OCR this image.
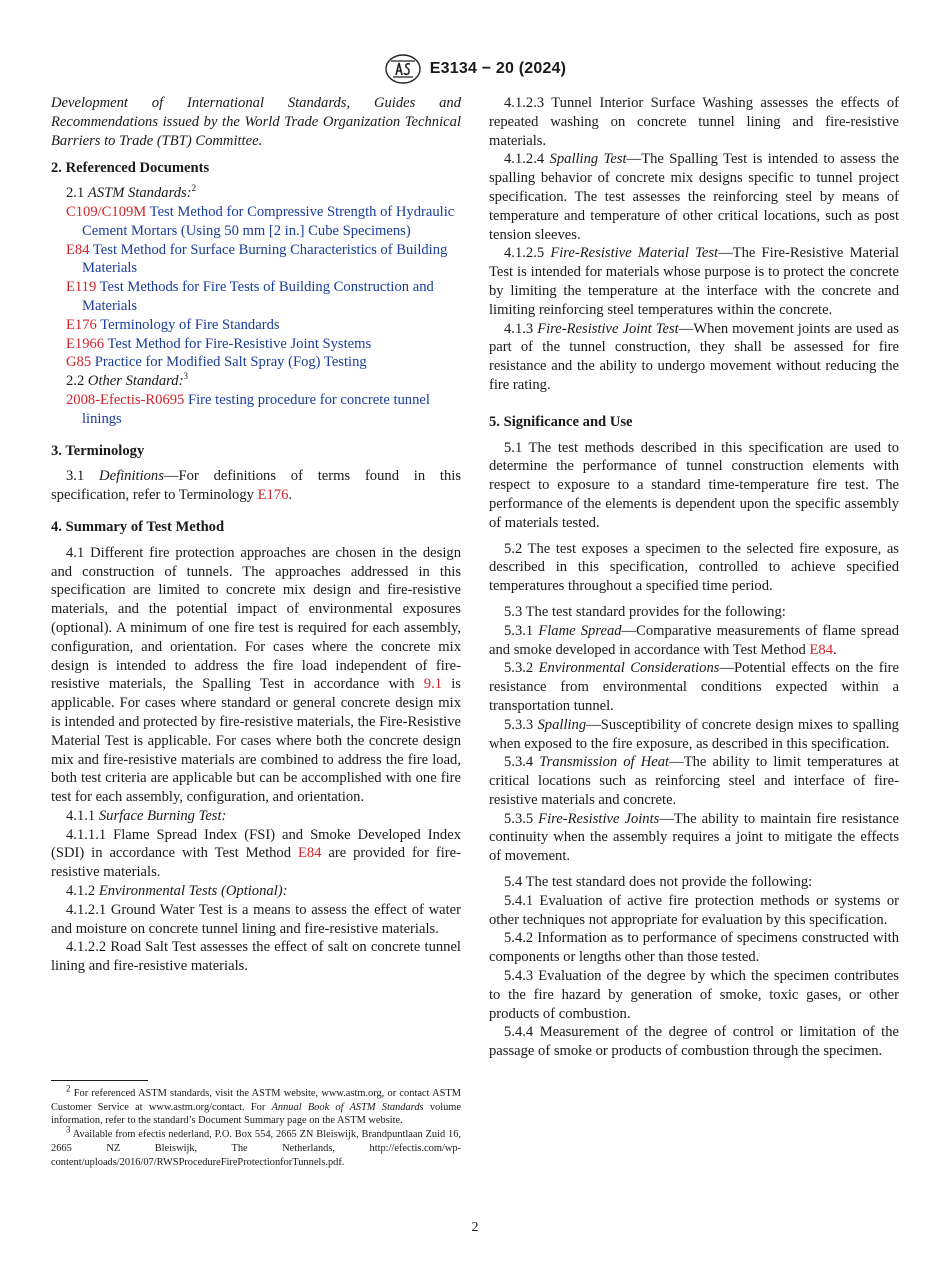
E3134 − 20 (2024)

Development of International Standards, Guides and Recommendations issued by the World Trade Organization Technical Barriers to Trade (TBT) Committee.

2. Referenced Documents

2.1 ASTM Standards:$^2$

C109/C109M Test Method for Compressive Strength of Hydraulic Cement Mortars (Using 50 mm [2 in.] Cube Specimens)

E84 Test Method for Surface Burning Characteristics of Building Materials

E119 Test Methods for Fire Tests of Building Construction and Materials

E176 Terminology of Fire Standards

E1966 Test Method for Fire-Resistive Joint Systems

G85 Practice for Modified Salt Spray (Fog) Testing

2.2 Other Standard:$^3$

2008-Efectis-R0695 Fire testing procedure for concrete tunnel linings

3. Terminology

3.1 Definitions—For definitions of terms found in this specification, refer to Terminology E176.

4. Summary of Test Method

4.1 Different fire protection approaches are chosen in the design and construction of tunnels. The approaches addressed in this specification are limited to concrete mix design and fire-resistive materials, and the potential impact of environmental exposures (optional). A minimum of one fire test is required for each assembly, configuration, and orientation. For cases where the concrete mix design is intended to address the fire load independent of fire-resistive materials, the Spalling Test in accordance with 9.1 is applicable. For cases where standard or general concrete design mix is intended and protected by fire-resistive materials, the Fire-Resistive Material Test is applicable. For cases where both the concrete design mix and fire-resistive materials are combined to address the fire load, both test criteria are applicable but can be accomplished with one fire test for each assembly, configuration, and orientation.

4.1.1 Surface Burning Test:

4.1.1.1 Flame Spread Index (FSI) and Smoke Developed Index (SDI) in accordance with Test Method E84 are provided for fire-resistive materials.

4.1.2 Environmental Tests (Optional):

4.1.2.1 Ground Water Test is a means to assess the effect of water and moisture on concrete tunnel lining and fire-resistive materials.

4.1.2.2 Road Salt Test assesses the effect of salt on concrete tunnel lining and fire-resistive materials.

$^2$ For referenced ASTM standards, visit the ASTM website, www.astm.org, or contact ASTM Customer Service at www.astm.org/contact. For Annual Book of ASTM Standards volume information, refer to the standard’s Document Summary page on the ASTM website.

$^3$ Available from efectis nederland, P.O. Box 554, 2665 ZN Bleiswijk, Brandpuntlaan Zuid 16, 2665 NZ Bleiswijk, The Netherlands, http://efectis.com/wp-content/uploads/2016/07/RWSProcedureFireProtectionforTunnels.pdf.

4.1.2.3 Tunnel Interior Surface Washing assesses the effects of repeated washing on concrete tunnel lining and fire-resistive materials.

4.1.2.4 Spalling Test—The Spalling Test is intended to assess the spalling behavior of concrete mix designs specific to tunnel project specification. The test assesses the reinforcing steel by means of temperature and temperature of other critical locations, such as post tension sleeves.

4.1.2.5 Fire-Resistive Material Test—The Fire-Resistive Material Test is intended for materials whose purpose is to protect the concrete by limiting the temperature at the interface with the concrete and limiting reinforcing steel temperatures within the concrete.

4.1.3 Fire-Resistive Joint Test—When movement joints are used as part of the tunnel construction, they shall be assessed for fire resistance and the ability to undergo movement without reducing the fire rating.

5. Significance and Use

5.1 The test methods described in this specification are used to determine the performance of tunnel construction elements with respect to exposure to a standard time-temperature fire test. The performance of the elements is dependent upon the specific assembly of materials tested.

5.2 The test exposes a specimen to the selected fire exposure, as described in this specification, controlled to achieve specified temperatures throughout a specified time period.

5.3 The test standard provides for the following:

5.3.1 Flame Spread—Comparative measurements of flame spread and smoke developed in accordance with Test Method E84.

5.3.2 Environmental Considerations—Potential effects on the fire resistance from environmental conditions expected within a transportation tunnel.

5.3.3 Spalling—Susceptibility of concrete design mixes to spalling when exposed to the fire exposure, as described in this specification.

5.3.4 Transmission of Heat—The ability to limit temperatures at critical locations such as reinforcing steel and interface of fire-resistive materials and concrete.

5.3.5 Fire-Resistive Joints—The ability to maintain fire resistance continuity when the assembly requires a joint to mitigate the effects of movement.

5.4 The test standard does not provide the following:

5.4.1 Evaluation of active fire protection methods or systems or other techniques not appropriate for evaluation by this specification.

5.4.2 Information as to performance of specimens constructed with components or lengths other than those tested.

5.4.3 Evaluation of the degree by which the specimen contributes to the fire hazard by generation of smoke, toxic gases, or other products of combustion.

5.4.4 Measurement of the degree of control or limitation of the passage of smoke or products of combustion through the specimen.

2
